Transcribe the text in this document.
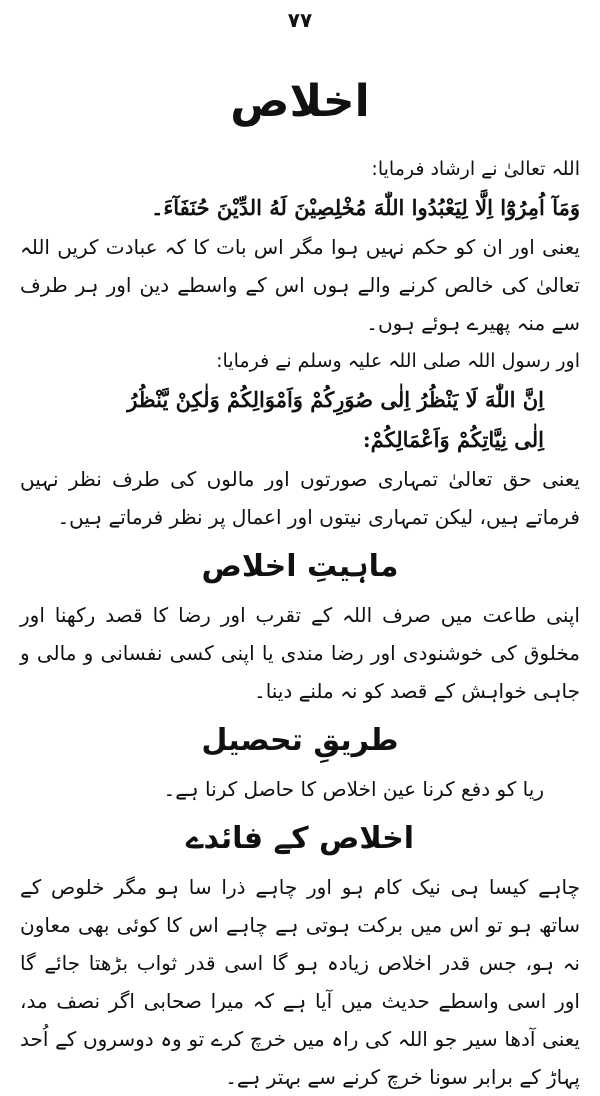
۷۷
اخلاص

اللہ تعالیٰ نے ارشاد فرمایا:

وَمَآ اُمِرُوْٓا اِلَّا لِيَعْبُدُوا اللّٰهَ مُخْلِصِيْنَ لَهُ الدِّيْنَ حُنَفَآءَ۔

یعنی اور ان کو حکم نہیں ہوا مگر اس بات کا کہ عبادت کریں اللہ تعالیٰ کی خالص کرنے والے ہوں اس کے واسطے دین اور ہر طرف سے منہ پھیرے ہوئے ہوں۔

اور رسول اللہ صلی اللہ علیہ وسلم نے فرمایا:

اِنَّ اللّٰهَ لَا يَنْظُرُ اِلٰى صُوَرِكُمْ وَاَمْوَالِكُمْ وَلٰكِنْ يَّنْظُرُ

اِلٰى نِيَّاتِكُمْ وَاَعْمَالِكُمْ:

یعنی حق تعالیٰ تمہاری صورتوں اور مالوں کی طرف نظر نہیں فرماتے ہیں، لیکن تمہاری نیتوں اور اعمال پر نظر فرماتے ہیں۔

ماہیتِ اخلاص

اپنی طاعت میں صرف اللہ کے تقرب اور رضا کا قصد رکھنا اور مخلوق کی خوشنودی اور رضا مندی یا اپنی کسی نفسانی و مالی و جاہی خواہش کے قصد کو نہ ملنے دینا۔

طریقِ تحصیل

ریا کو دفع کرنا عین اخلاص کا حاصل کرنا ہے۔

اخلاص کے فائدے

چاہے کیسا ہی نیک کام ہو اور چاہے ذرا سا ہو مگر خلوص کے ساتھ ہو تو اس میں برکت ہوتی ہے چاہے اس کا کوئی بھی معاون نہ ہو، جس قدر اخلاص زیادہ ہو گا اسی قدر ثواب بڑھتا جائے گا اور اسی واسطے حدیث میں آیا ہے کہ میرا صحابی اگر نصف مد، یعنی آدھا سیر جو اللہ کی راہ میں خرچ کرے تو وہ دوسروں کے اُحد پہاڑ کے برابر سونا خرچ کرنے سے بہتر ہے۔
